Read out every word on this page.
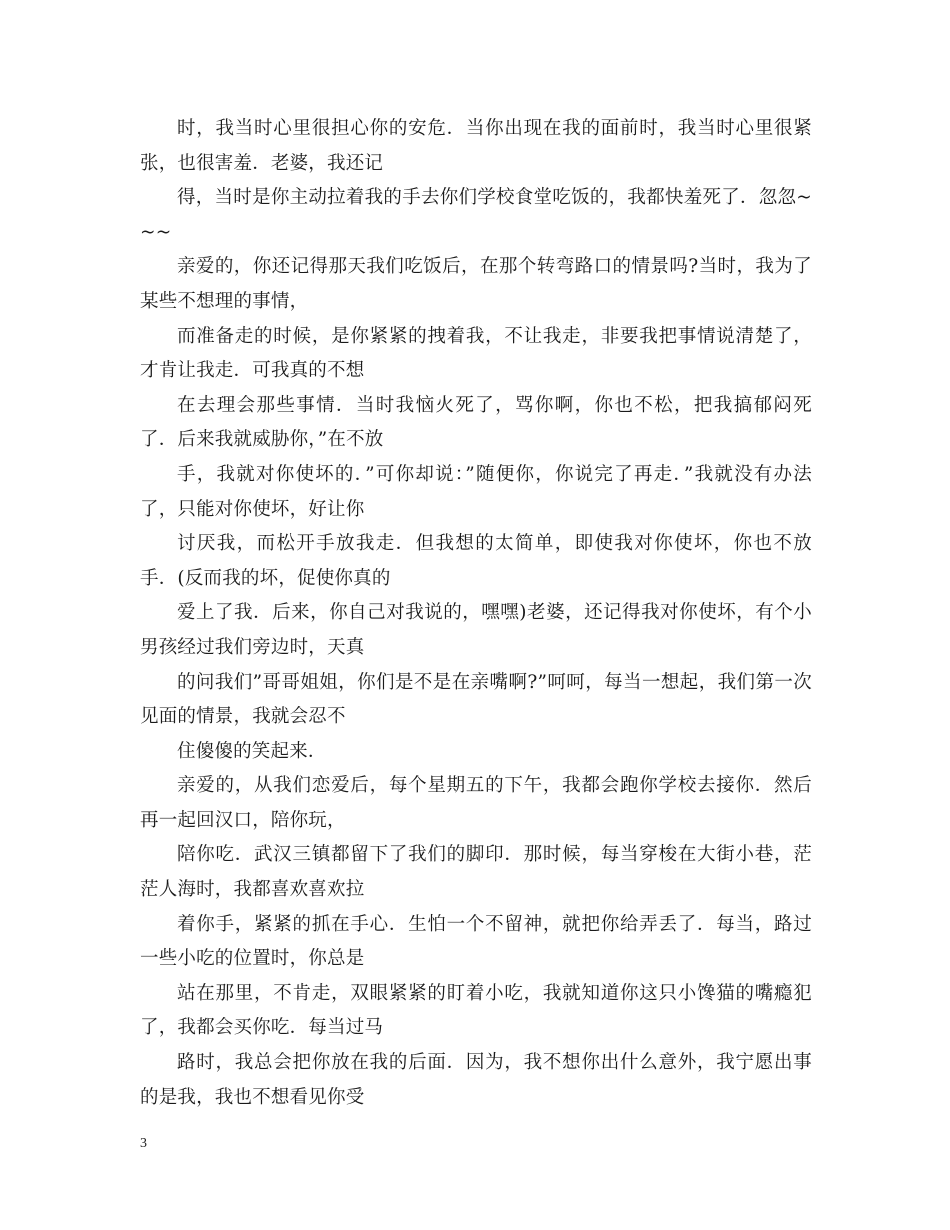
时，我当时心里很担心你的安危．当你出现在我的面前时，我当时心里很紧张，也很害羞．老婆，我还记

得，当时是你主动拉着我的手去你们学校食堂吃饭的，我都快羞死了．忽忽~~~

亲爱的，你还记得那天我们吃饭后，在那个转弯路口的情景吗?当时，我为了某些不想理的事情，

而准备走的时候，是你紧紧的拽着我，不让我走，非要我把事情说清楚了，才肯让我走．可我真的不想

在去理会那些事情．当时我恼火死了，骂你啊，你也不松，把我搞郁闷死了．后来我就威胁你，”在不放

手，我就对你使坏的．”可你却说：”随便你，你说完了再走．”我就没有办法了，只能对你使坏，好让你

讨厌我，而松开手放我走．但我想的太简单，即使我对你使坏，你也不放手．(反而我的坏，促使你真的

爱上了我．后来，你自己对我说的，嘿嘿)老婆，还记得我对你使坏，有个小男孩经过我们旁边时，天真

的问我们”哥哥姐姐，你们是不是在亲嘴啊?”呵呵，每当一想起，我们第一次见面的情景，我就会忍不

住傻傻的笑起来．

亲爱的，从我们恋爱后，每个星期五的下午，我都会跑你学校去接你．然后再一起回汉口，陪你玩，

陪你吃．武汉三镇都留下了我们的脚印．那时候，每当穿梭在大街小巷，茫茫人海时，我都喜欢喜欢拉

着你手，紧紧的抓在手心．生怕一个不留神，就把你给弄丢了．每当，路过一些小吃的位置时，你总是

站在那里，不肯走，双眼紧紧的盯着小吃，我就知道你这只小馋猫的嘴瘾犯了，我都会买你吃．每当过马

路时，我总会把你放在我的后面．因为，我不想你出什么意外，我宁愿出事的是我，我也不想看见你受

3
